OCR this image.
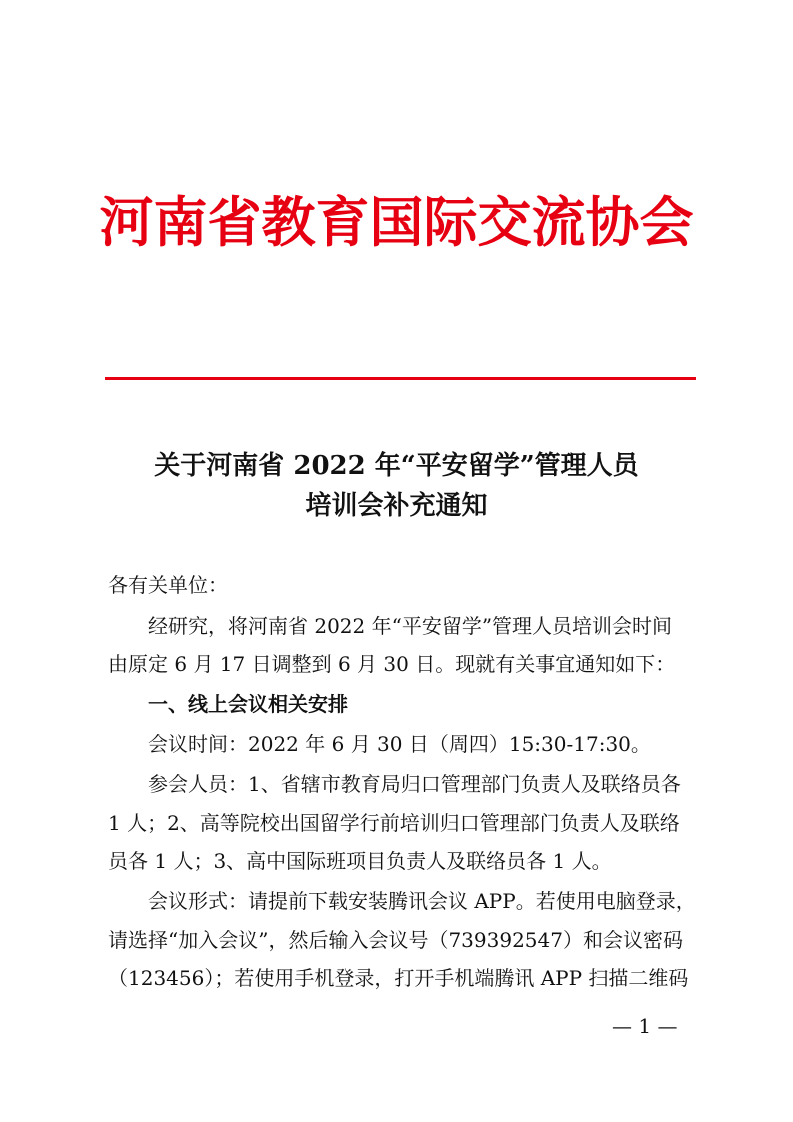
河南省教育国际交流协会
关于河南省 2022 年“平安留学”管理人员
培训会补充通知
各有关单位：
经研究，将河南省 2022 年“平安留学”管理人员培训会时间
由原定 6 月 17 日调整到 6 月 30 日。现就有关事宜通知如下：
一、线上会议相关安排
会议时间：2022 年 6 月 30 日（周四）15:30-17:30。
参会人员：1、省辖市教育局归口管理部门负责人及联络员各
1 人；2、高等院校出国留学行前培训归口管理部门负责人及联络
员各 1 人；3、高中国际班项目负责人及联络员各 1 人。
会议形式：请提前下载安装腾讯会议 APP。若使用电脑登录，
请选择“加入会议”，然后输入会议号（739392547）和会议密码
（123456）；若使用手机登录，打开手机端腾讯 APP 扫描二维码
— 1 —
